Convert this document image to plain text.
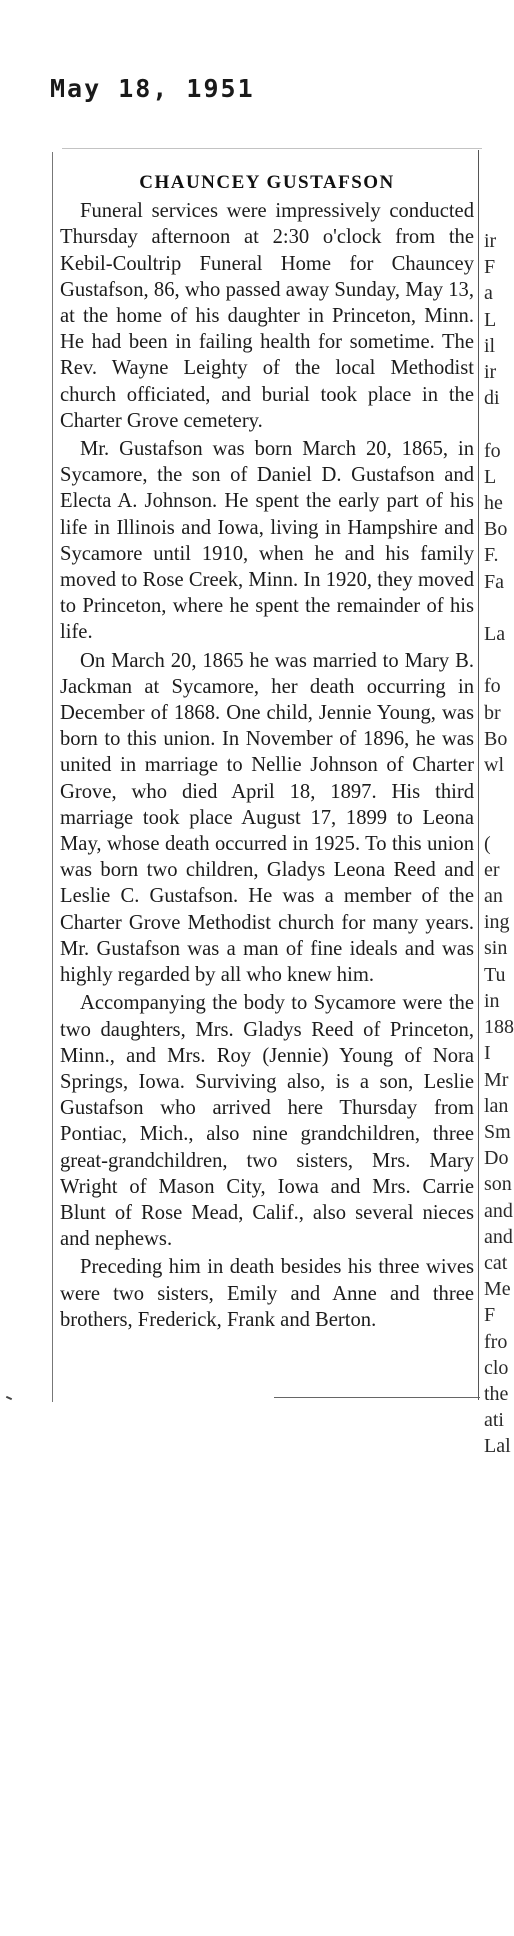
May 18, 1951
CHAUNCEY GUSTAFSON

Funeral services were impressively conducted Thursday afternoon at 2:30 o'clock from the Kebil-Coultrip Funeral Home for Chauncey Gustafson, 86, who passed away Sunday, May 13, at the home of his daughter in Princeton, Minn. He had been in failing health for sometime. The Rev. Wayne Leighty of the local Methodist church officiated, and burial took place in the Charter Grove cemetery.

Mr. Gustafson was born March 20, 1865, in Sycamore, the son of Daniel D. Gustafson and Electa A. Johnson. He spent the early part of his life in Illinois and Iowa, living in Hampshire and Sycamore until 1910, when he and his family moved to Rose Creek, Minn. In 1920, they moved to Princeton, where he spent the remainder of his life.

On March 20, 1865 he was married to Mary B. Jackman at Sycamore, her death occurring in December of 1868. One child, Jennie Young, was born to this union. In November of 1896, he was united in marriage to Nellie Johnson of Charter Grove, who died April 18, 1897. His third marriage took place August 17, 1899 to Leona May, whose death occurred in 1925. To this union was born two children, Gladys Leona Reed and Leslie C. Gustafson. He was a member of the Charter Grove Methodist church for many years. Mr. Gustafson was a man of fine ideals and was highly regarded by all who knew him.

Accompanying the body to Sycamore were the two daughters, Mrs. Gladys Reed of Princeton, Minn., and Mrs. Roy (Jennie) Young of Nora Springs, Iowa. Surviving also, is a son, Leslie Gustafson who arrived here Thursday from Pontiac, Mich., also nine grandchildren, three great-grandchildren, two sisters, Mrs. Mary Wright of Mason City, Iowa and Mrs. Carrie Blunt of Rose Mead, Calif., also several nieces and nephews.

Preceding him in death besides his three wives were two sisters, Emily and Anne and three brothers, Frederick, Frank and Berton.

ir
F
a
L
il
ir
di

fo
L
he
Bo
F.
Fa

La

fo
br
Bo
wl

(
er
an
ing
sin
Tu
in
188
I
Mr
lan
Sm
Do
son
and
and
cat
Me
F
fro
clo
the
ati
Lal
